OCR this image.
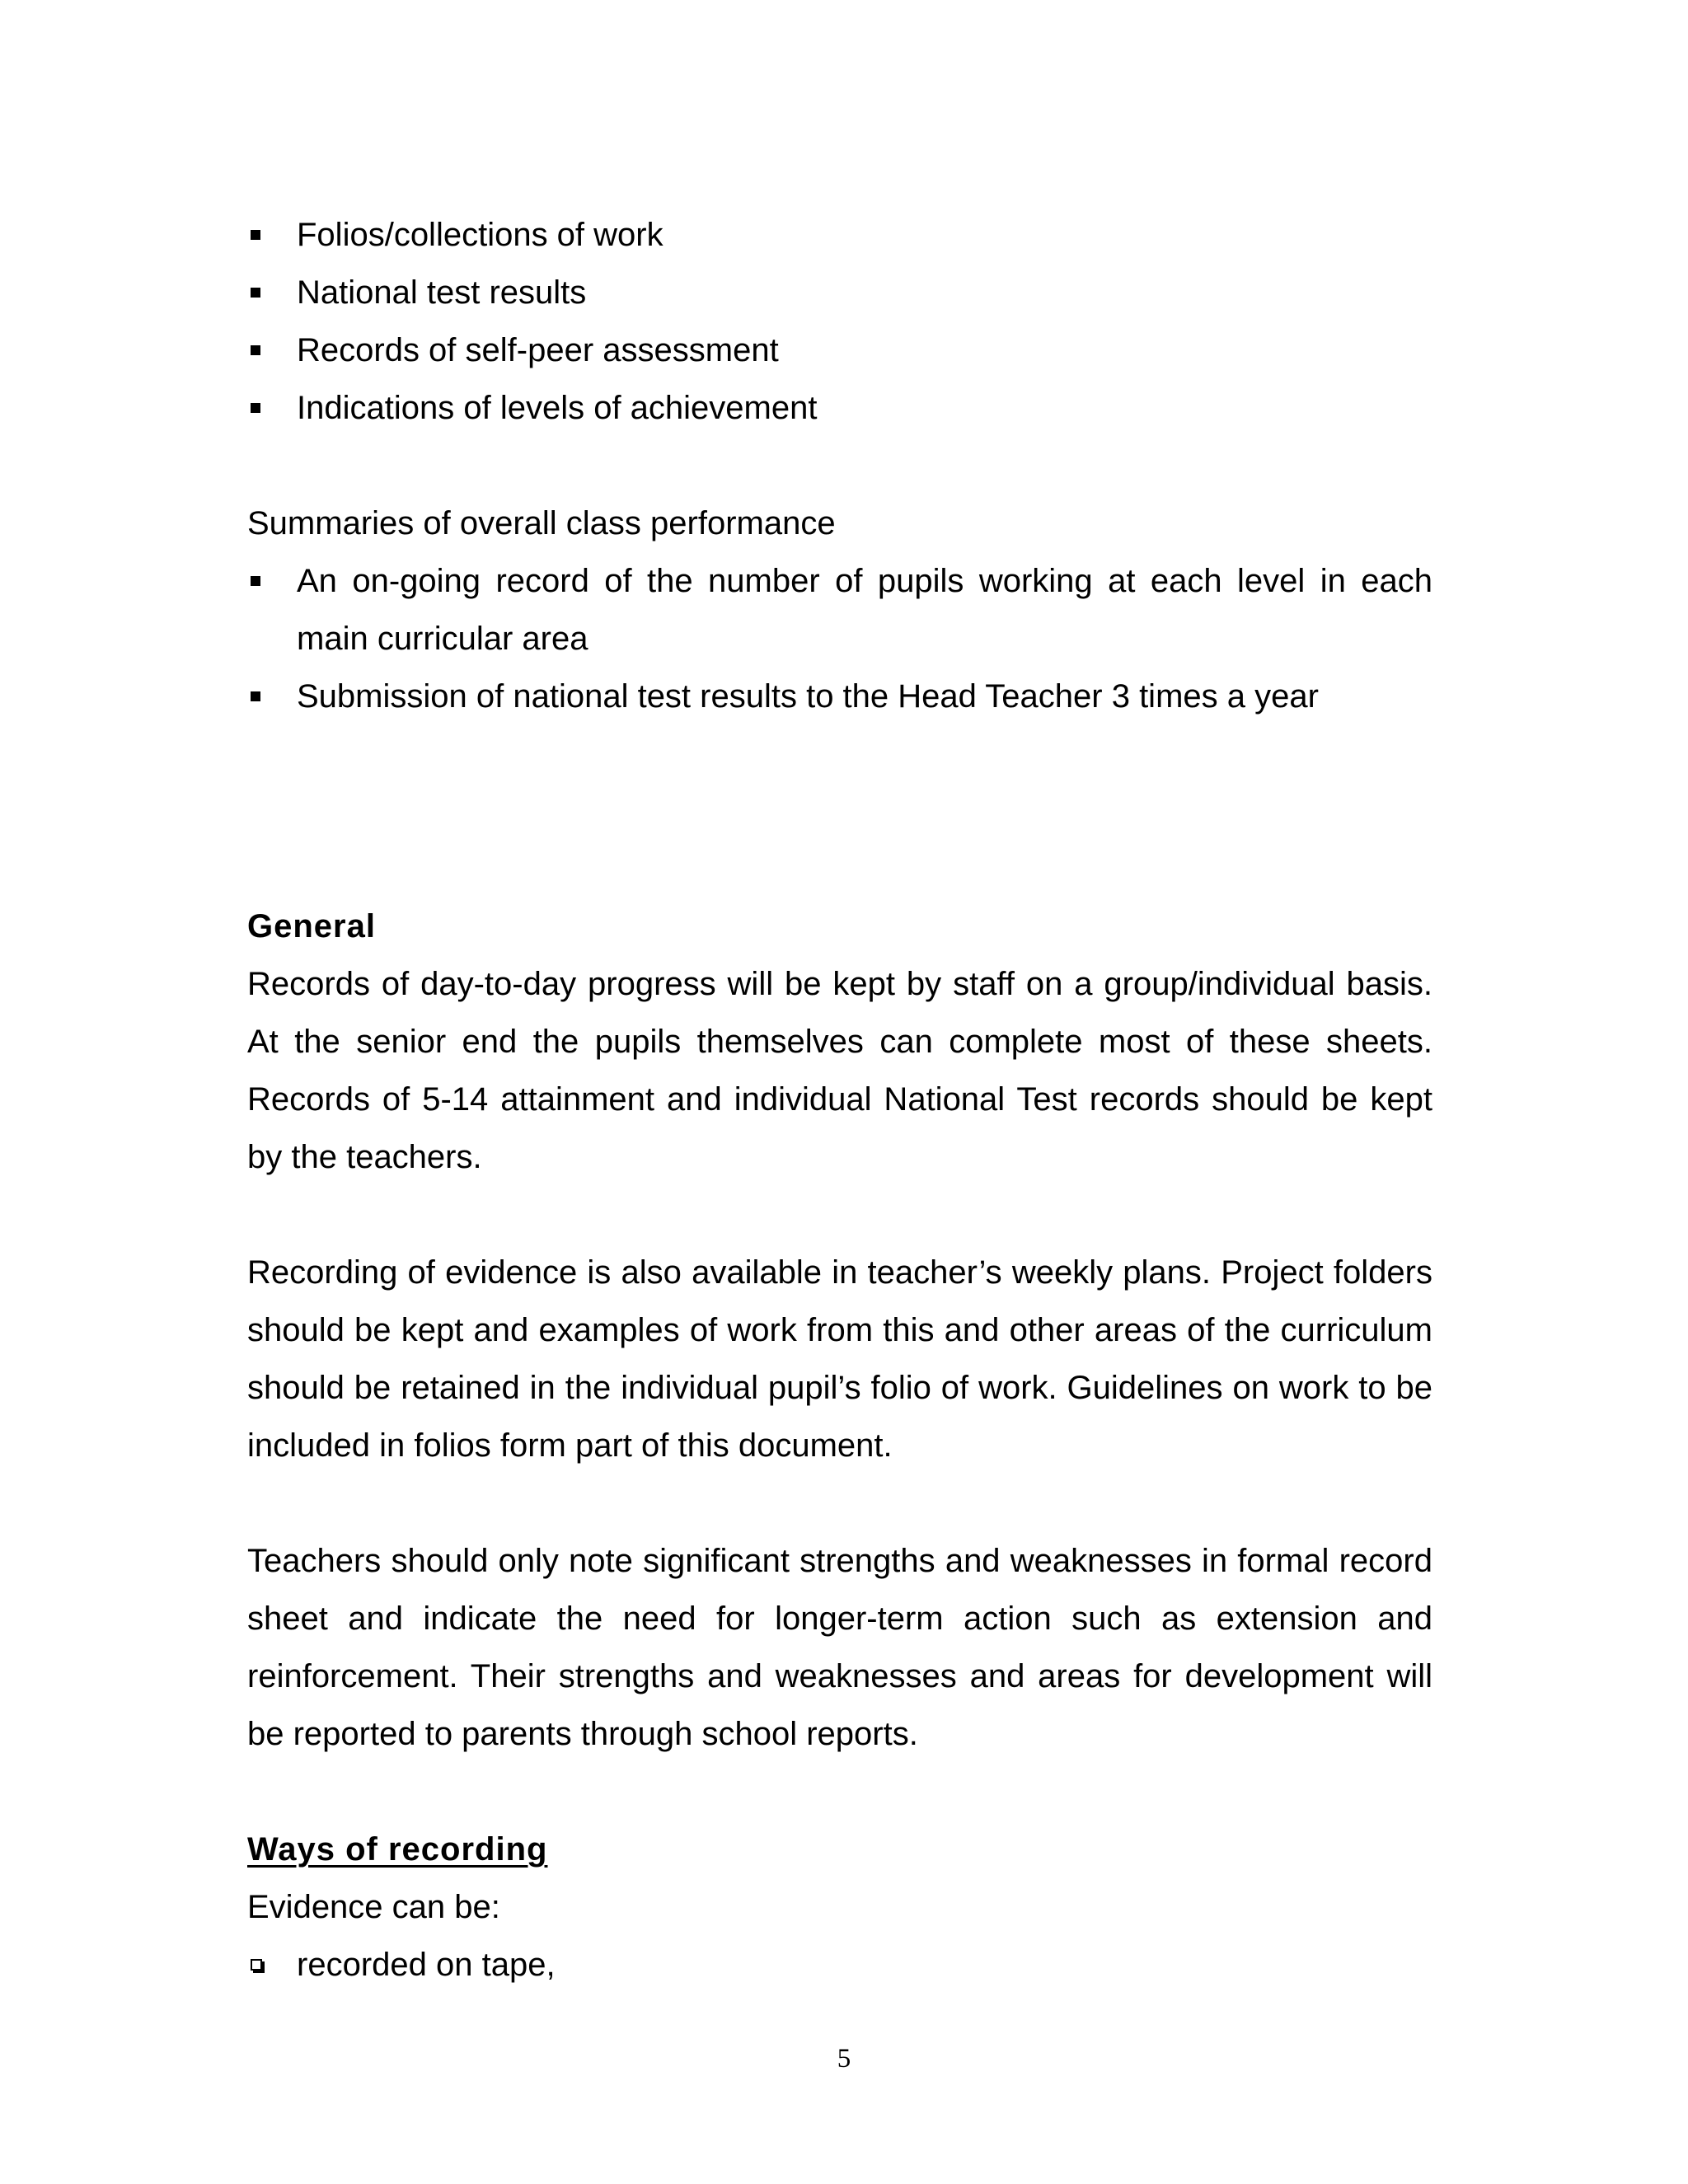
Folios/collections of work
National test results
Records of self-peer assessment
Indications of levels of achievement

Summaries of overall class performance

An on-going record of the number of pupils working at each level in each main curricular area
Submission of national test results to the Head Teacher 3 times a year

General

Records of day-to-day progress will be kept by staff on a group/individual basis. At the senior end the pupils themselves can complete most of these sheets. Records of 5-14 attainment and individual National Test records should be kept by the teachers.

Recording of evidence is also available in teacher’s weekly plans. Project folders should be kept and examples of work from this and other areas of the curriculum should be retained in the individual pupil’s folio of work. Guidelines on work to be included in folios form part of this document.

Teachers should only note significant strengths and weaknesses in formal record sheet and indicate the need for longer-term action such as extension and reinforcement. Their strengths and weaknesses and areas for development will be reported to parents through school reports.

Ways of recording

Evidence can be:

recorded on tape,
5
